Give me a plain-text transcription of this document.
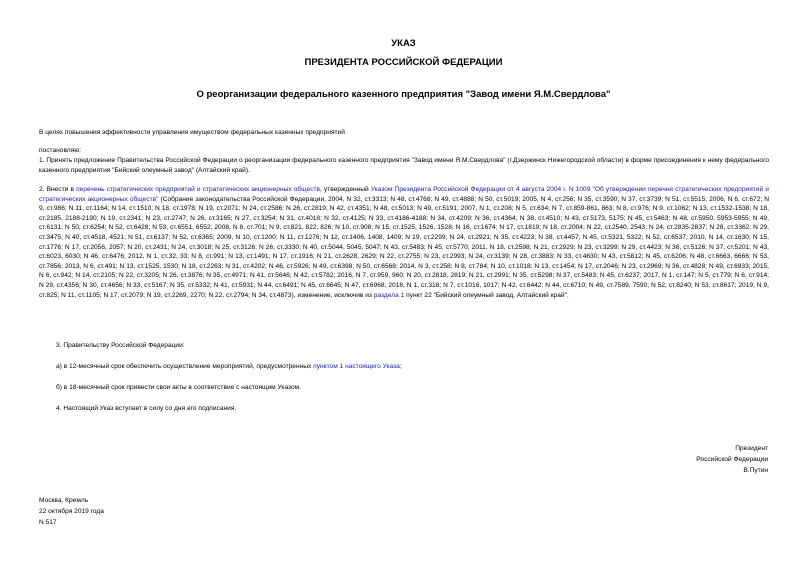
УКАЗ
ПРЕЗИДЕНТА РОССИЙСКОЙ ФЕДЕРАЦИИ
О реорганизации федерального казенного предприятия "Завод имени Я.М.Свердлова"
В целях повышения эффективности управления имуществом федеральных казенных предприятий
постановляю:
1. Принять предложение Правительства Российской Федерации о реорганизации федерального казенного предприятия "Завод имени Я.М.Свердлова" (г.Дзержинск Нижегородской области) в форме присоединения к нему федерального казенного предприятия "Бийский олеумный завод" (Алтайский край).
2. Внести в перечень стратегических предприятий и стратегических акционерных обществ, утвержденный Указом Президента Российской Федерации от 4 августа 2004 г. N 1009 "Об утверждении перечня стратегических предприятий и стратегических акционерных обществ" (Собрание законодательства Российской Федерации, 2004, N 32, ст.3313; N 48, ст.4768; N 49, ст.4888; N 50, ст.5019; 2005, N 4, ст.256; N 35, ст.3590; N 37, ст.3739; N 51, ст.5515; 2006, N 6, ст.672; N 9, ст.986; N 11, ст.1164; N 14, ст.1510; N 18, ст.1978; N 19, ст.2071; N 24, ст.2586; N 26, ст.2819; N 42, ст.4351; N 48, ст.5013; N 49, ст.5191; 2007, N 1, ст.208; N 5, ст.634; N 7, ст.859-861, 863; N 8, ст.976; N 9, ст.1062; N 13, ст.1532-1538; N 18, ст.2185, 2188-2190; N 19, ст.2341; N 23, ст.2747; N 26, ст.3165; N 27, ст.3254; N 31, ст.4018; N 32, ст.4125; N 33, ст.4186-4188; N 34, ст.4209; N 36, ст.4364; N 38, ст.4510; N 43, ст.5173, 5175; N 45, ст.5463; N 48, ст.5950, 5953-5955; N 49, ст.6131; N 50, ст.6254; N 52, ст.6428; N 53, ст.6551, 6552; 2008, N 8, ст.701; N 9, ст.821, 822, 826; N 10, ст.908; N 15, ст.1525, 1526, 1528; N 16, ст.1674; N 17, ст.1819; N 18, ст.2004; N 22, ст.2540, 2543; N 24, ст.2835-2837; N 28, ст.3362; N 29, ст.3475; N 40, ст.4518, 4521; N 51, ст.6137; N 52, ст.6365; 2009, N 10, ст.1200; N 11, ст.1276; N 12, ст.1406, 1408, 1409; N 19, ст.2299; N 24, ст.2921; N 35, ст.4223; N 38, ст.4457; N 45, ст.5321, 5322; N 52, ст.6537; 2010, N 14, ст.1630; N 15, ст.1776; N 17, ст.2056, 2057; N 20, ст.2431; N 24, ст.3018; N 25, ст.3126; N 26, ст.3330; N 40, ст.5044, 5045, 5047; N 43, ст.5483; N 45, ст.5770; 2011, N 18, ст.2598; N 21, ст.2929; N 23, ст.3299; N 29, ст.4423; N 36, ст.5126; N 37, ст.5201; N 43, ст.6023, 6030; N 46, ст.6476; 2012, N 1, ст.32, 33; N 8, ст.991; N 13, ст.1491; N 17, ст.1916; N 21, ст.2628, 2629; N 22, ст.2755; N 23, ст.2993; N 24, ст.3139; N 28, ст.3883; N 33, ст.4630; N 43, ст.5812; N 45, ст.6206; N 48, ст.6663, 6666; N 53, ст.7856; 2013, N 6, ст.491; N 13, ст.1525, 1530; N 18, ст.2263; N 31, ст.4202; N 46, ст.5926; N 49, ст.6398; N 50, ст.6568; 2014, N 3, ст.258; N 8, ст.784; N 10, ст.1018; N 13, ст.1454; N 17, ст.2046; N 23, ст.2969; N 36, ст.4828; N 49, ст.6933; 2015, N 6, ст.942; N 14, ст.2105; N 22, ст.3205; N 26, ст.3876; N 35, ст.4971; N 41, ст.5646; N 42, ст.5782; 2016, N 7, ст.959, 960; N 20, ст.2818, 2819; N 21, ст.2991; N 35, ст.5298; N 37, ст.5483; N 45, ст.6237; 2017, N 1, ст.147; N 5, ст.779; N 6, ст.914; N 29, ст.4356; N 30, ст.4656; N 33, ст.5167; N 35, ст.5332; N 41, ст.5931; N 44, ст.6491; N 45, ст.6645; N 47, ст.6968; 2018, N 1, ст.318; N 7, ст.1016, 1017; N 42, ст.6442; N 44, ст.6710; N 49, ст.7589, 7590; N 52, ст.8240; N 53, ст.8617; 2019, N 9, ст.825; N 11, ст.1105; N 17, ст.2079; N 19, ст.2269, 2270; N 22, ст.2794; N 34, ст.4873), изменение, исключив из раздела 1 пункт 22 "Бийский олеумный завод, Алтайский край".
3. Правительству Российской Федерации:
а) в 12-месячный срок обеспечить осуществление мероприятий, предусмотренных пунктом 1 настоящего Указа;
б) в 18-месячный срок привести свои акты в соответствие с настоящим Указом.
4. Настоящий Указ вступает в силу со дня его подписания.
Президент
Российской Федерации
В.Путин
Москва, Кремль
22 октября 2019 года
N 517
